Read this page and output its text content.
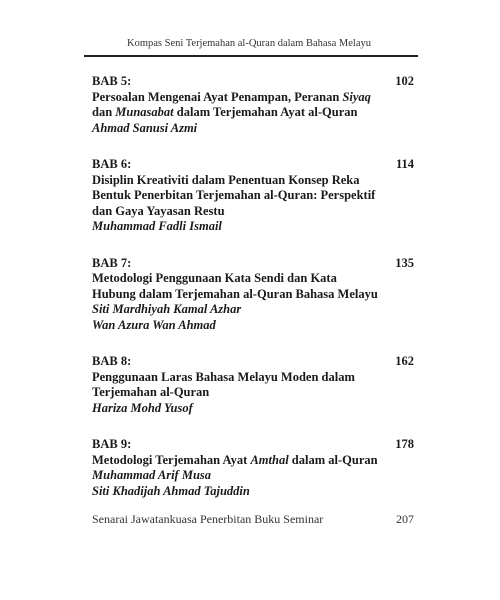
Kompas Seni Terjemahan al-Quran dalam Bahasa Melayu
BAB 5:	102
Persoalan Mengenai Ayat Penampan, Peranan Siyaq dan Munasabat dalam Terjemahan Ayat al-Quran
Ahmad Sanusi Azmi
BAB 6:	114
Disiplin Kreativiti dalam Penentuan Konsep Reka Bentuk Penerbitan Terjemahan al-Quran: Perspektif dan Gaya Yayasan Restu
Muhammad Fadli Ismail
BAB 7:	135
Metodologi Penggunaan Kata Sendi dan Kata Hubung dalam Terjemahan al-Quran Bahasa Melayu
Siti Mardhiyah Kamal Azhar
Wan Azura Wan Ahmad
BAB 8:	162
Penggunaan Laras Bahasa Melayu Moden dalam Terjemahan al-Quran
Hariza Mohd Yusof
BAB 9:	178
Metodologi Terjemahan Ayat Amthal dalam al-Quran
Muhammad Arif Musa
Siti Khadijah Ahmad Tajuddin
Senarai Jawatankuasa Penerbitan Buku Seminar	207
